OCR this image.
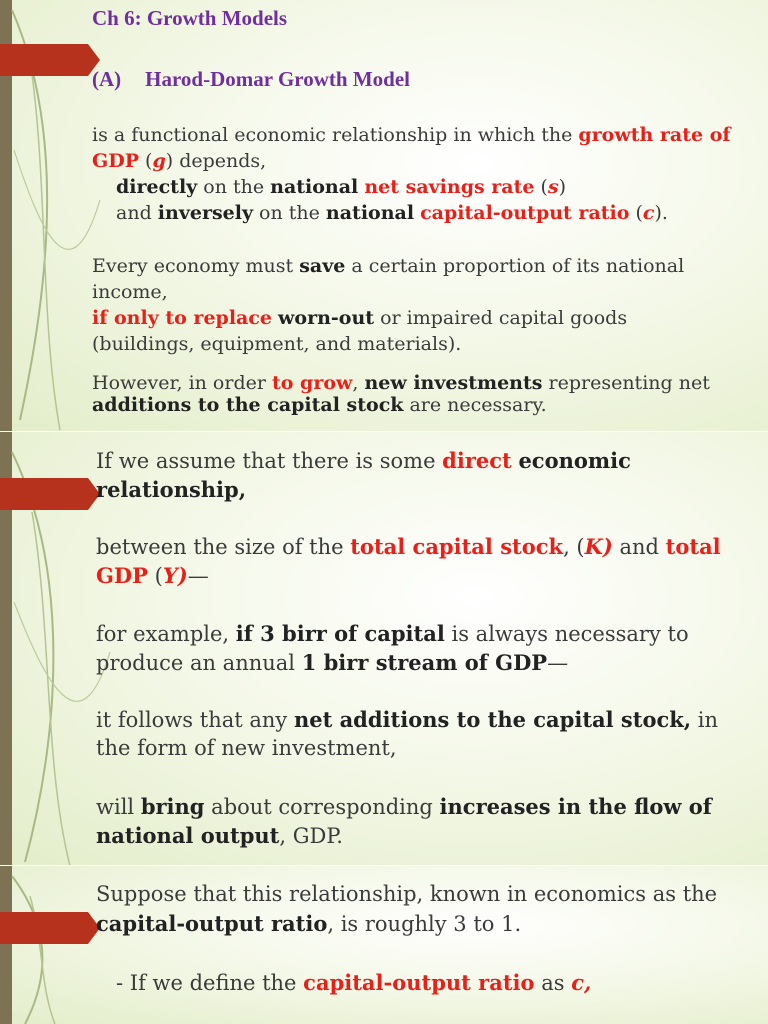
Ch 6: Growth Models
(A) Harod-Domar Growth Model
is a functional economic relationship in which the growth rate of
GDP (g) depends,
directly on the national net savings rate (s)
and inversely on the national capital-output ratio (c).
Every economy must save a certain proportion of its national
income,
if only to replace worn-out or impaired capital goods
(buildings, equipment, and materials).
However, in order to grow, new investments representing net
additions to the capital stock are necessary.
If we assume that there is some direct economic
relationship,
between the size of the total capital stock, (K) and total
GDP (Y)—
for example, if 3 birr of capital is always necessary to
produce an annual 1 birr stream of GDP—
it follows that any net additions to the capital stock, in
the form of new investment,
will bring about corresponding increases in the flow of
national output, GDP.
Suppose that this relationship, known in economics as the
capital-output ratio, is roughly 3 to 1.
- If we define the capital-output ratio as c,
